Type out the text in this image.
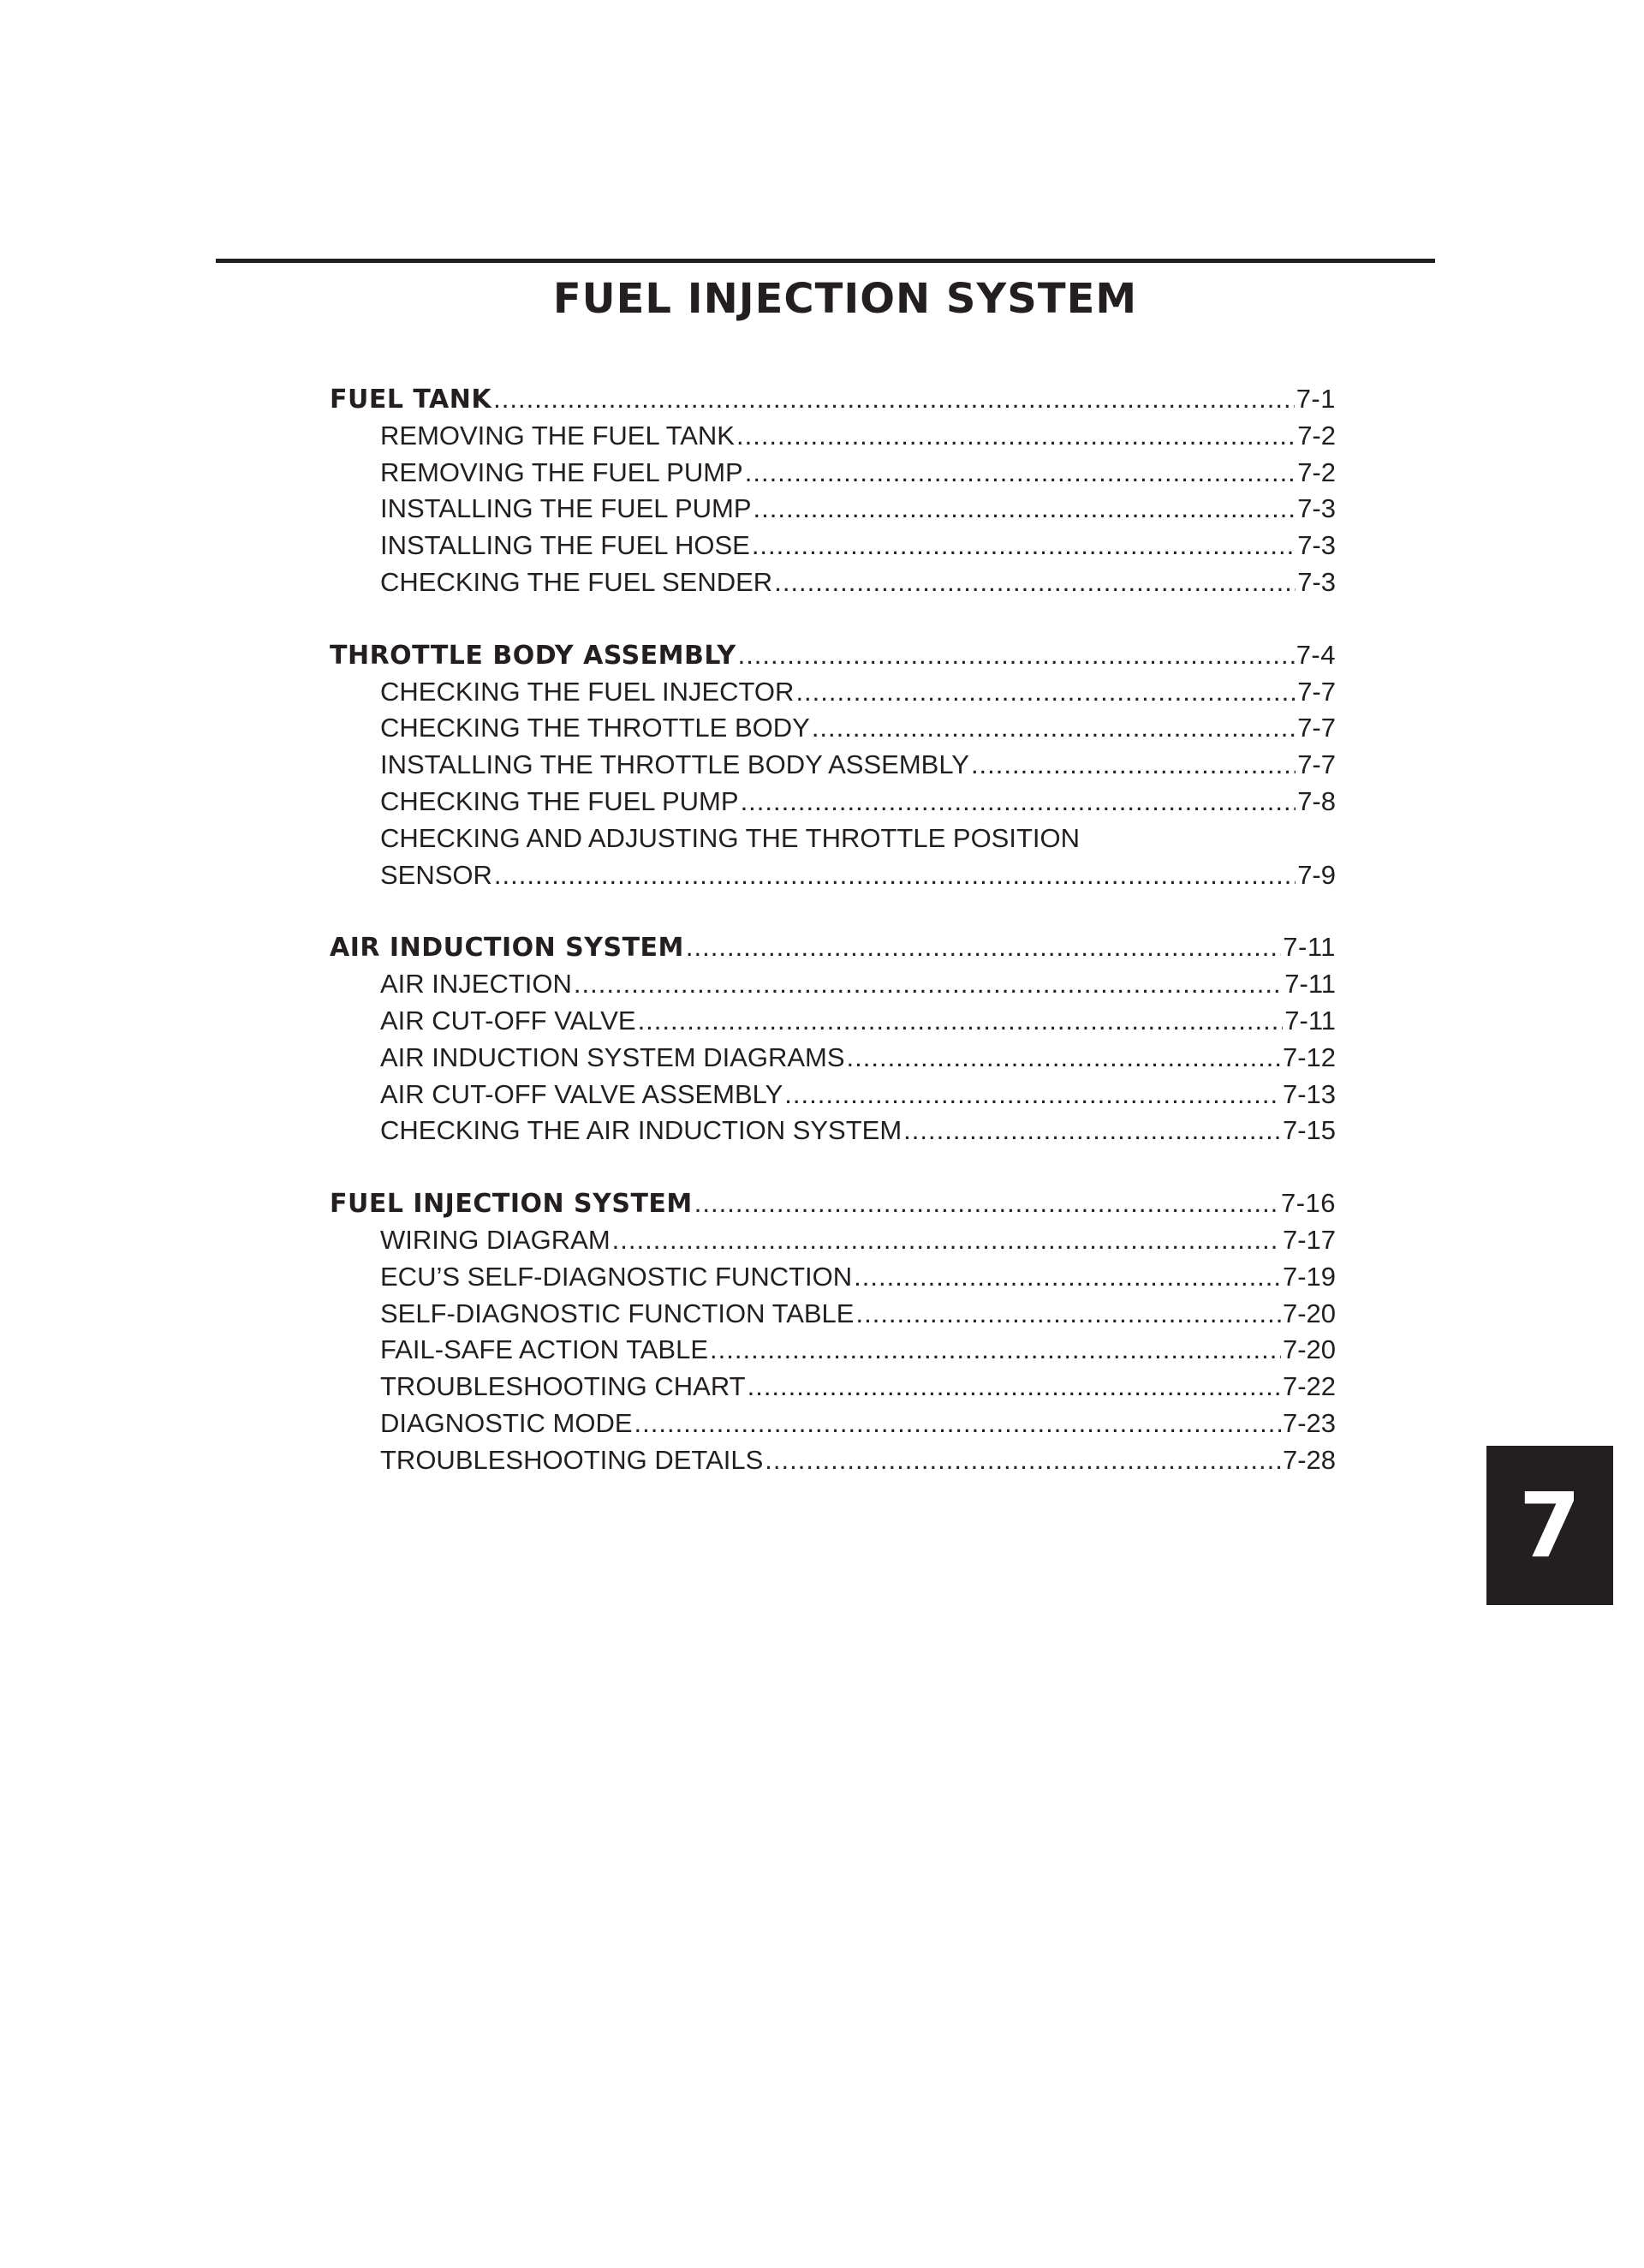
FUEL INJECTION SYSTEM
FUEL TANK .....	7-1
REMOVING THE FUEL TANK .....	7-2
REMOVING THE FUEL PUMP .....	7-2
INSTALLING THE FUEL PUMP .....	7-3
INSTALLING THE FUEL HOSE .....	7-3
CHECKING THE FUEL SENDER .....	7-3
THROTTLE BODY ASSEMBLY .....	7-4
CHECKING THE FUEL INJECTOR .....	7-7
CHECKING THE THROTTLE BODY .....	7-7
INSTALLING THE THROTTLE BODY ASSEMBLY .....	7-7
CHECKING THE FUEL PUMP .....	7-8
CHECKING AND ADJUSTING THE THROTTLE POSITION
SENSOR .....	7-9
AIR INDUCTION SYSTEM .....	7-11
AIR INJECTION .....	7-11
AIR CUT-OFF VALVE .....	7-11
AIR INDUCTION SYSTEM DIAGRAMS .....	7-12
AIR CUT-OFF VALVE ASSEMBLY .....	7-13
CHECKING THE AIR INDUCTION SYSTEM .....	7-15
FUEL INJECTION SYSTEM .....	7-16
WIRING DIAGRAM .....	7-17
ECU’S SELF-DIAGNOSTIC FUNCTION .....	7-19
SELF-DIAGNOSTIC FUNCTION TABLE .....	7-20
FAIL-SAFE ACTION TABLE .....	7-20
TROUBLESHOOTING CHART .....	7-22
DIAGNOSTIC MODE .....	7-23
TROUBLESHOOTING DETAILS .....	7-28
7
